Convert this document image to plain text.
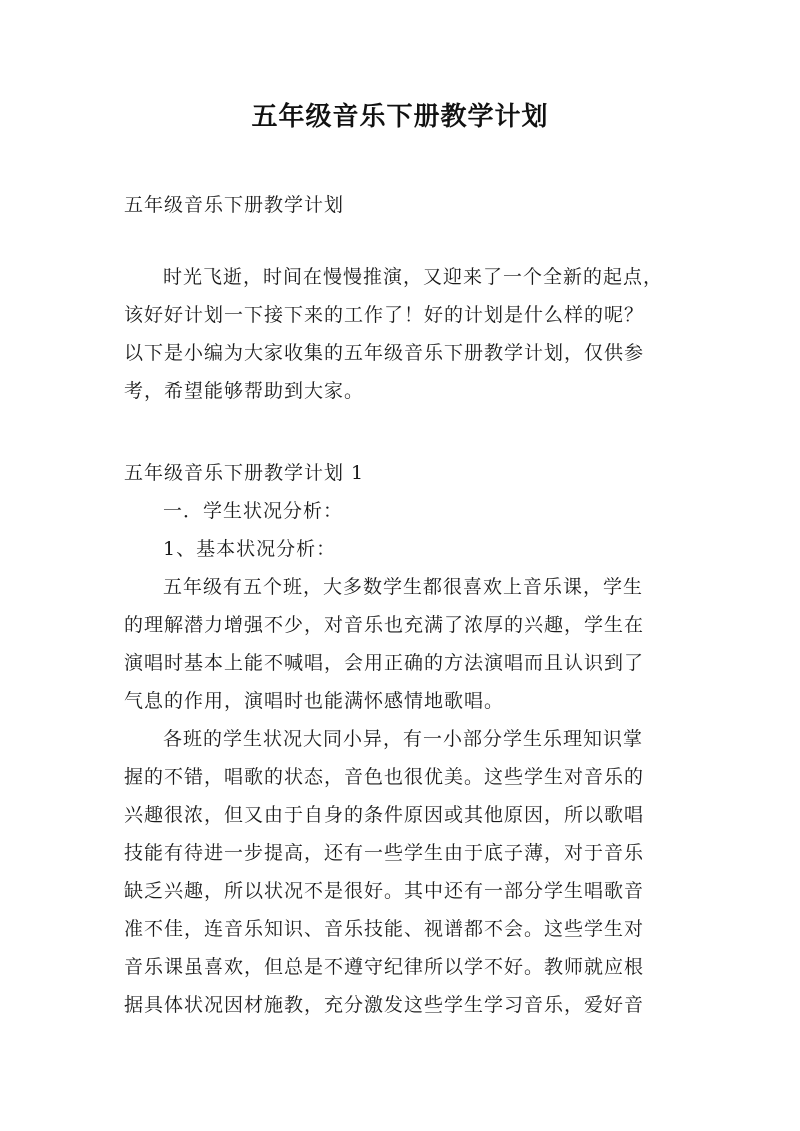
五年级音乐下册教学计划

五年级音乐下册教学计划

时光飞逝，时间在慢慢推演，又迎来了一个全新的起点，
该好好计划一下接下来的工作了！好的计划是什么样的呢？
以下是小编为大家收集的五年级音乐下册教学计划，仅供参
考，希望能够帮助到大家。
五年级音乐下册教学计划 1
一．学生状况分析：
1、基本状况分析：
五年级有五个班，大多数学生都很喜欢上音乐课，学生
的理解潜力增强不少，对音乐也充满了浓厚的兴趣，学生在
演唱时基本上能不喊唱，会用正确的方法演唱而且认识到了
气息的作用，演唱时也能满怀感情地歌唱。
各班的学生状况大同小异，有一小部分学生乐理知识掌
握的不错，唱歌的状态，音色也很优美。这些学生对音乐的
兴趣很浓，但又由于自身的条件原因或其他原因，所以歌唱
技能有待进一步提高，还有一些学生由于底子薄，对于音乐
缺乏兴趣，所以状况不是很好。其中还有一部分学生唱歌音
准不佳，连音乐知识、音乐技能、视谱都不会。这些学生对
音乐课虽喜欢，但总是不遵守纪律所以学不好。教师就应根
据具体状况因材施教，充分激发这些学生学习音乐，爱好音
